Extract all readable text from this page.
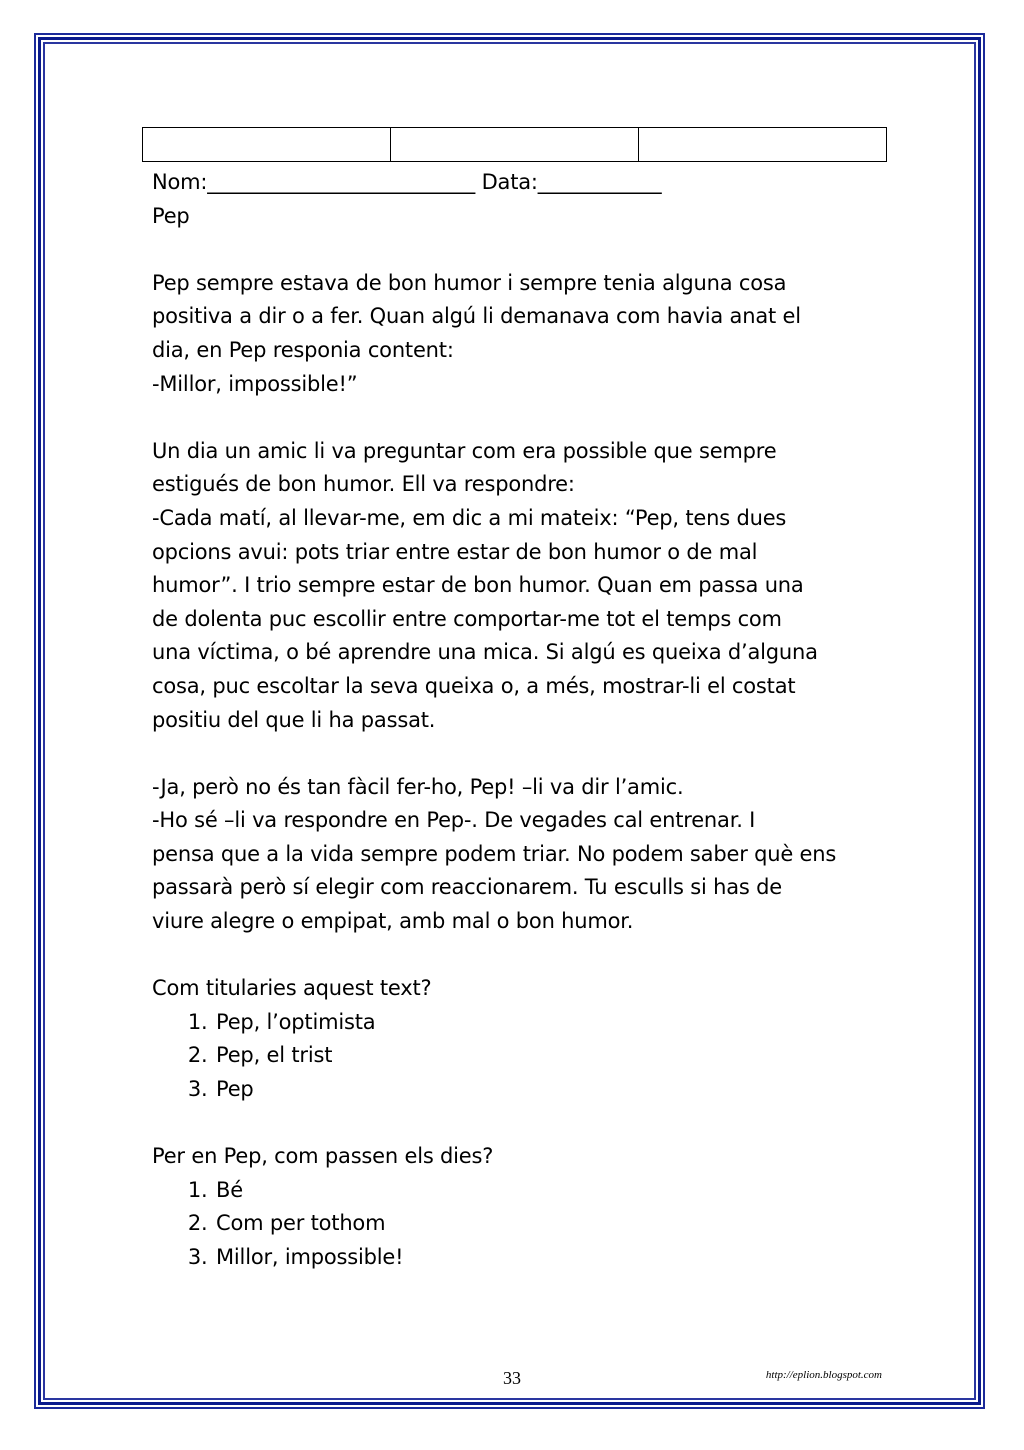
Nom:__________________________ Data:____________

Pep

Pep sempre estava de bon humor i sempre tenia alguna cosa

positiva a dir o a fer. Quan algú li demanava com havia anat el

dia, en Pep responia content:

-Millor, impossible!”

Un dia un amic li va preguntar com era possible que sempre

estigués de bon humor. Ell va respondre:

-Cada matí, al llevar-me, em dic a mi mateix: “Pep, tens dues

opcions avui: pots triar entre estar de bon humor o de mal

humor”. I trio sempre estar de bon humor. Quan em passa una

de dolenta puc escollir entre comportar-me tot el temps com

una víctima, o bé aprendre una mica. Si algú es queixa d’alguna

cosa, puc escoltar la seva queixa o, a més, mostrar-li el costat

positiu del que li ha passat.

-Ja, però no és tan fàcil fer-ho, Pep! –li va dir l’amic.

-Ho sé –li va respondre en Pep-. De vegades cal entrenar. I

pensa que a la vida sempre podem triar. No podem saber què ens

passarà però sí elegir com reaccionarem. Tu esculls si has de

viure alegre o empipat, amb mal o bon humor.

Com titularies aquest text?

1. Pep, l’optimista
2. Pep, el trist
3. Pep

Per en Pep, com passen els dies?

1. Bé
2. Com per tothom
3. Millor, impossible!
33	http://eplion.blogspot.com
